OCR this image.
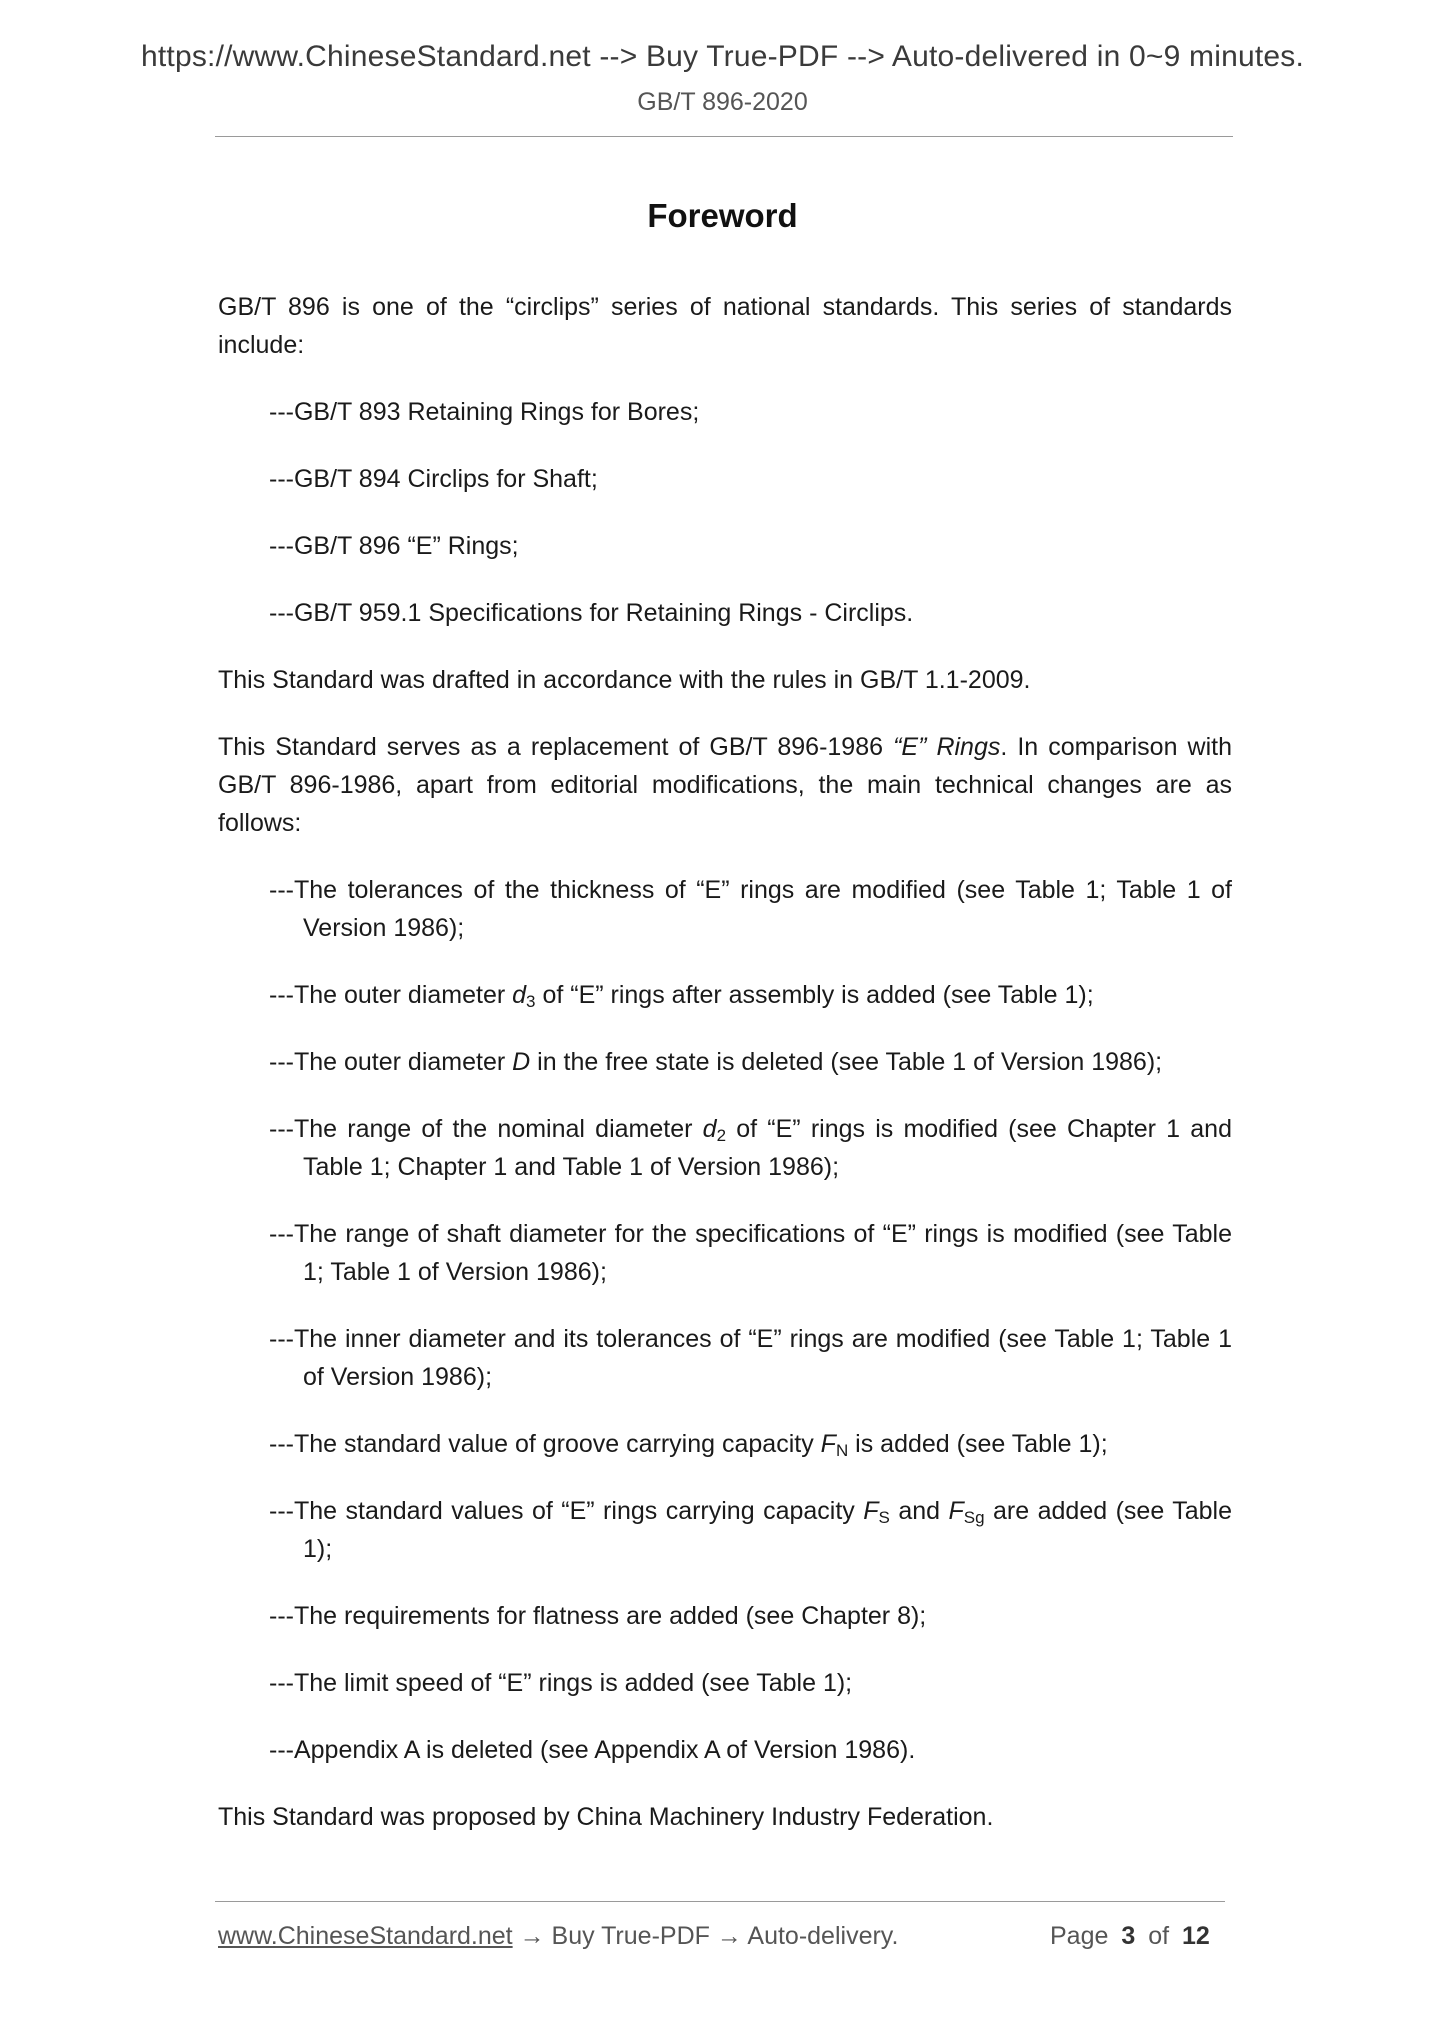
https://www.ChineseStandard.net --> Buy True-PDF --> Auto-delivered in 0~9 minutes.
GB/T 896-2020
Foreword

GB/T 896 is one of the “circlips” series of national standards. This series of standards include:

---GB/T 893 Retaining Rings for Bores;

---GB/T 894 Circlips for Shaft;

---GB/T 896 “E” Rings;

---GB/T 959.1 Specifications for Retaining Rings - Circlips.

This Standard was drafted in accordance with the rules in GB/T 1.1-2009.

This Standard serves as a replacement of GB/T 896-1986 “E” Rings. In comparison with GB/T 896-1986, apart from editorial modifications, the main technical changes are as follows:

---The tolerances of the thickness of “E” rings are modified (see Table 1; Table 1 of Version 1986);

---The outer diameter $d_3$ of “E” rings after assembly is added (see Table 1);

---The outer diameter D in the free state is deleted (see Table 1 of Version 1986);

---The range of the nominal diameter $d_2$ of “E” rings is modified (see Chapter 1 and Table 1; Chapter 1 and Table 1 of Version 1986);

---The range of shaft diameter for the specifications of “E” rings is modified (see Table 1; Table 1 of Version 1986);

---The inner diameter and its tolerances of “E” rings are modified (see Table 1; Table 1 of Version 1986);

---The standard value of groove carrying capacity $F_N$ is added (see Table 1);

---The standard values of “E” rings carrying capacity $F_S$ and $F_{Sg}$ are added (see Table 1);

---The requirements for flatness are added (see Chapter 8);

---The limit speed of “E” rings is added (see Table 1);

---Appendix A is deleted (see Appendix A of Version 1986).

This Standard was proposed by China Machinery Industry Federation.

www.ChineseStandard.net → Buy True-PDF → Auto-delivery.	Page 3 of 12
